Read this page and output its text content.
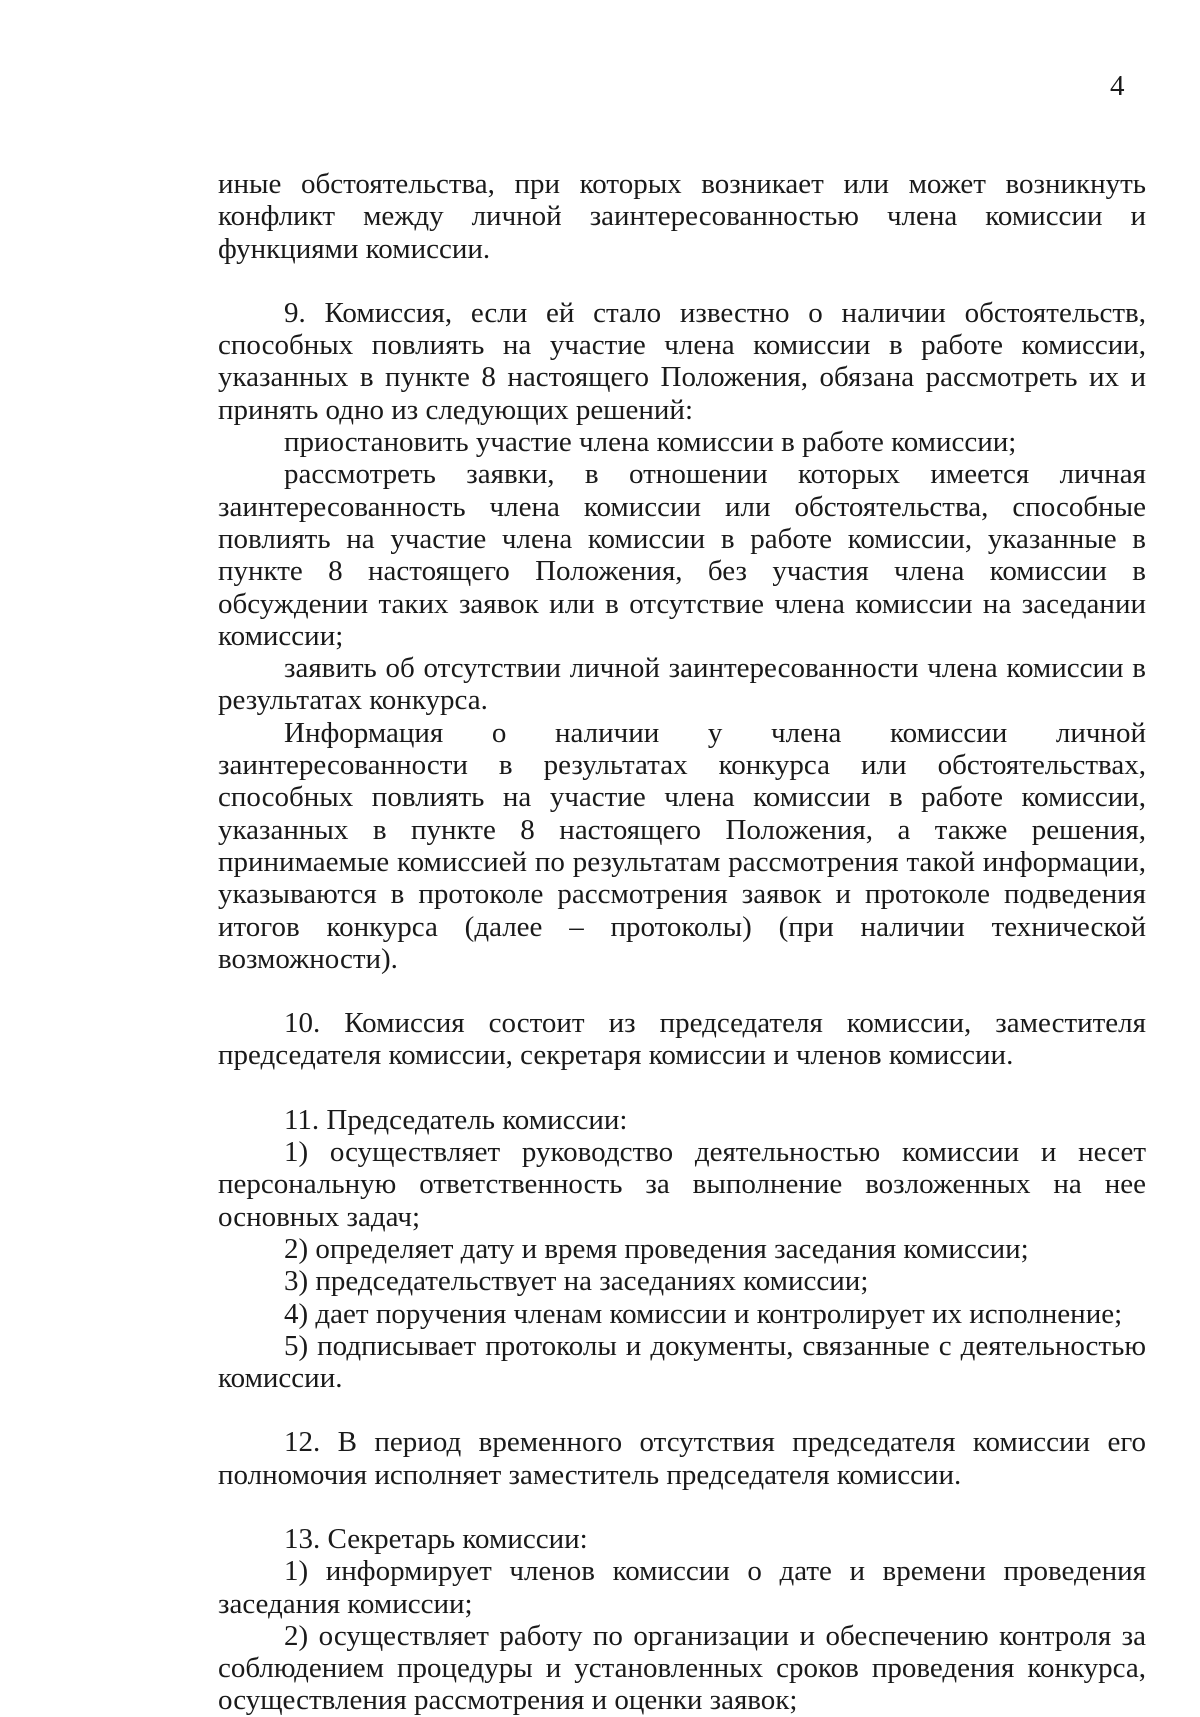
4

иные обстоятельства, при которых возникает или может возникнуть конфликт между личной заинтересованностью члена комиссии и функциями комиссии.

9. Комиссия, если ей стало известно о наличии обстоятельств, способных повлиять на участие члена комиссии в работе комиссии, указанных в пункте 8 настоящего Положения, обязана рассмотреть их и принять одно из следующих решений:

приостановить участие члена комиссии в работе комиссии;

рассмотреть заявки, в отношении которых имеется личная заинтересованность члена комиссии или обстоятельства, способные повлиять на участие члена комиссии в работе комиссии, указанные в пункте 8 настоящего Положения, без участия члена комиссии в обсуждении таких заявок или в отсутствие члена комиссии на заседании комиссии;

заявить об отсутствии личной заинтересованности члена комиссии в результатах конкурса.

Информация о наличии у члена комиссии личной заинтересованности в результатах конкурса или обстоятельствах, способных повлиять на участие члена комиссии в работе комиссии, указанных в пункте 8 настоящего Положения, а также решения, принимаемые комиссией по результатам рассмотрения такой информации, указываются в протоколе рассмотрения заявок и протоколе подведения итогов конкурса (далее – протоколы) (при наличии технической возможности).

10. Комиссия состоит из председателя комиссии, заместителя председателя комиссии, секретаря комиссии и членов комиссии.

11. Председатель комиссии:

1) осуществляет руководство деятельностью комиссии и несет персональную ответственность за выполнение возложенных на нее основных задач;

2) определяет дату и время проведения заседания комиссии;

3) председательствует на заседаниях комиссии;

4) дает поручения членам комиссии и контролирует их исполнение;

5) подписывает протоколы и документы, связанные с деятельностью комиссии.

12. В период временного отсутствия председателя комиссии его полномочия исполняет заместитель председателя комиссии.

13. Секретарь комиссии:

1) информирует членов комиссии о дате и времени проведения заседания комиссии;

2) осуществляет работу по организации и обеспечению контроля за соблюдением процедуры и установленных сроков проведения конкурса, осуществления рассмотрения и оценки заявок;
